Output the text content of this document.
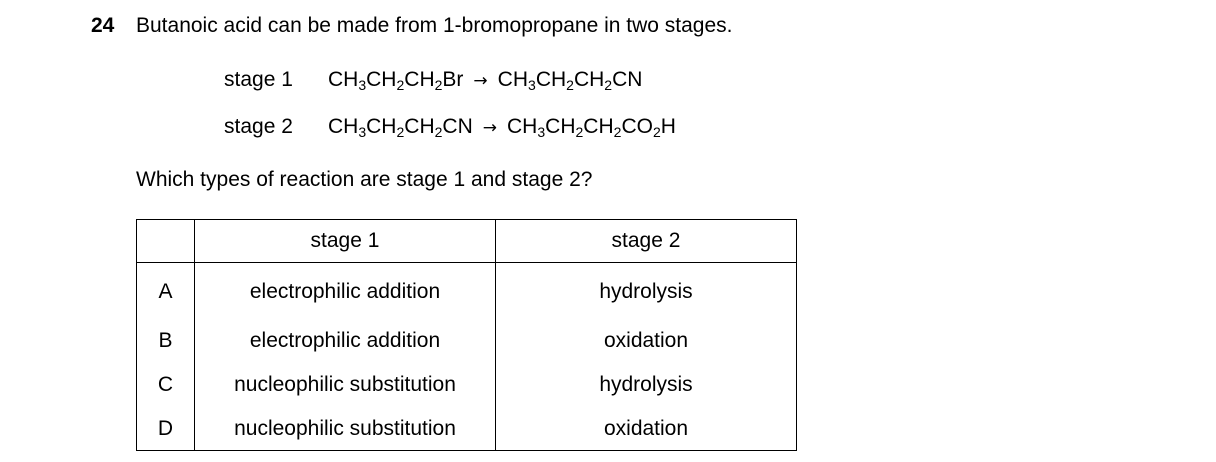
24 Butanoic acid can be made from 1-bromopropane in two stages.
stage 1 $CH_3CH_2CH_2Br \to CH_3CH_2CH_2CN$
stage 2 $CH_3CH_2CH_2CN \to CH_3CH_2CH_2CO_2H$
Which types of reaction are stage 1 and stage 2?
	stage 1	stage 2
A	electrophilic addition	hydrolysis
B	electrophilic addition	oxidation
C	nucleophilic substitution	hydrolysis
D	nucleophilic substitution	oxidation
